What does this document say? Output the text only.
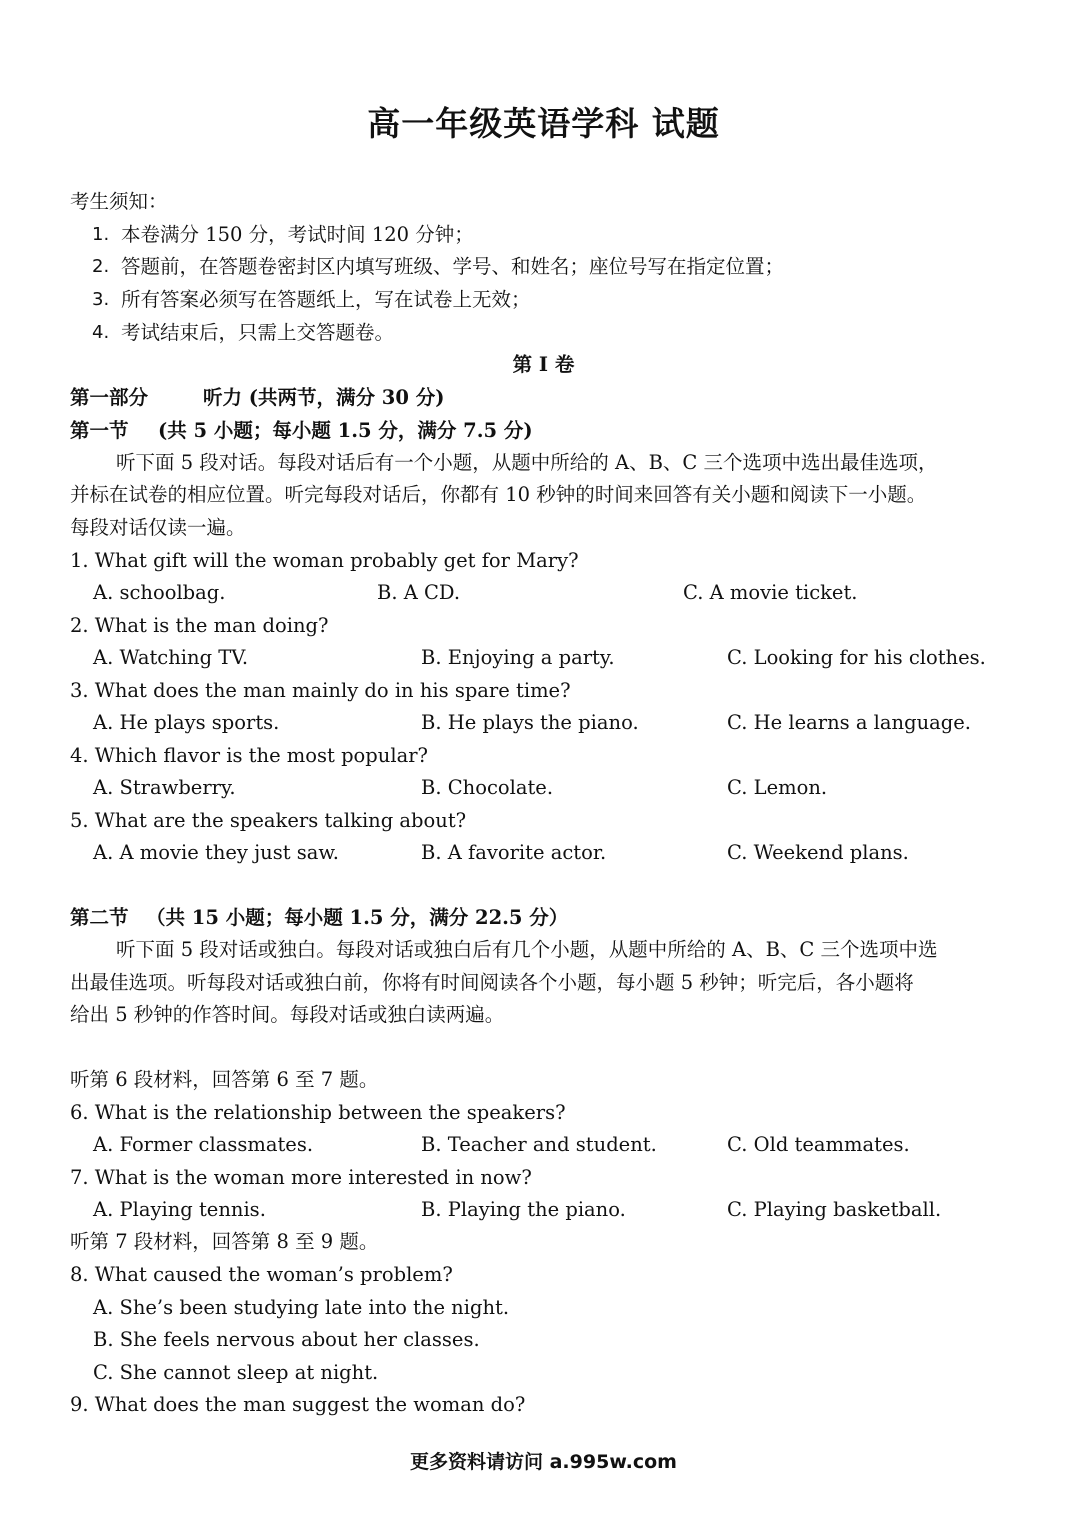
高一年级英语学科 试题
考生须知：
1. 本卷满分 150 分，考试时间 120 分钟；
2. 答题前，在答题卷密封区内填写班级、学号、和姓名；座位号写在指定位置；
3. 所有答案必须写在答题纸上，写在试卷上无效；
4. 考试结束后，只需上交答题卷。
第 I 卷
第一部分	听力 (共两节，满分 30 分)
第一节 (共 5 小题；每小题 1.5 分，满分 7.5 分)
听下面 5 段对话。每段对话后有一个小题，从题中所给的 A、B、C 三个选项中选出最佳选项，
并标在试卷的相应位置。听完每段对话后，你都有 10 秒钟的时间来回答有关小题和阅读下一小题。
每段对话仅读一遍。
1. What gift will the woman probably get for Mary?
A. schoolbag.	B. A CD.	C. A movie ticket.
2. What is the man doing?
A. Watching TV.	B. Enjoying a party.	C. Looking for his clothes.
3. What does the man mainly do in his spare time?
A. He plays sports.	B. He plays the piano.	C. He learns a language.
4. Which flavor is the most popular?
A. Strawberry.	B. Chocolate.	C. Lemon.
5. What are the speakers talking about?
A. A movie they just saw.	B. A favorite actor.	C. Weekend plans.
第二节 （共 15 小题；每小题 1.5 分，满分 22.5 分）
听下面 5 段对话或独白。每段对话或独白后有几个小题，从题中所给的 A、B、C 三个选项中选
出最佳选项。听每段对话或独白前，你将有时间阅读各个小题，每小题 5 秒钟；听完后，各小题将
给出 5 秒钟的作答时间。每段对话或独白读两遍。
听第 6 段材料，回答第 6 至 7 题。
6. What is the relationship between the speakers?
A. Former classmates.	B. Teacher and student.	C. Old teammates.
7. What is the woman more interested in now?
A. Playing tennis.	B. Playing the piano.	C. Playing basketball.
听第 7 段材料，回答第 8 至 9 题。
8. What caused the woman’s problem?
A. She’s been studying late into the night.
B. She feels nervous about her classes.
C. She cannot sleep at night.
9. What does the man suggest the woman do?
更多资料请访问 a.995w.com
